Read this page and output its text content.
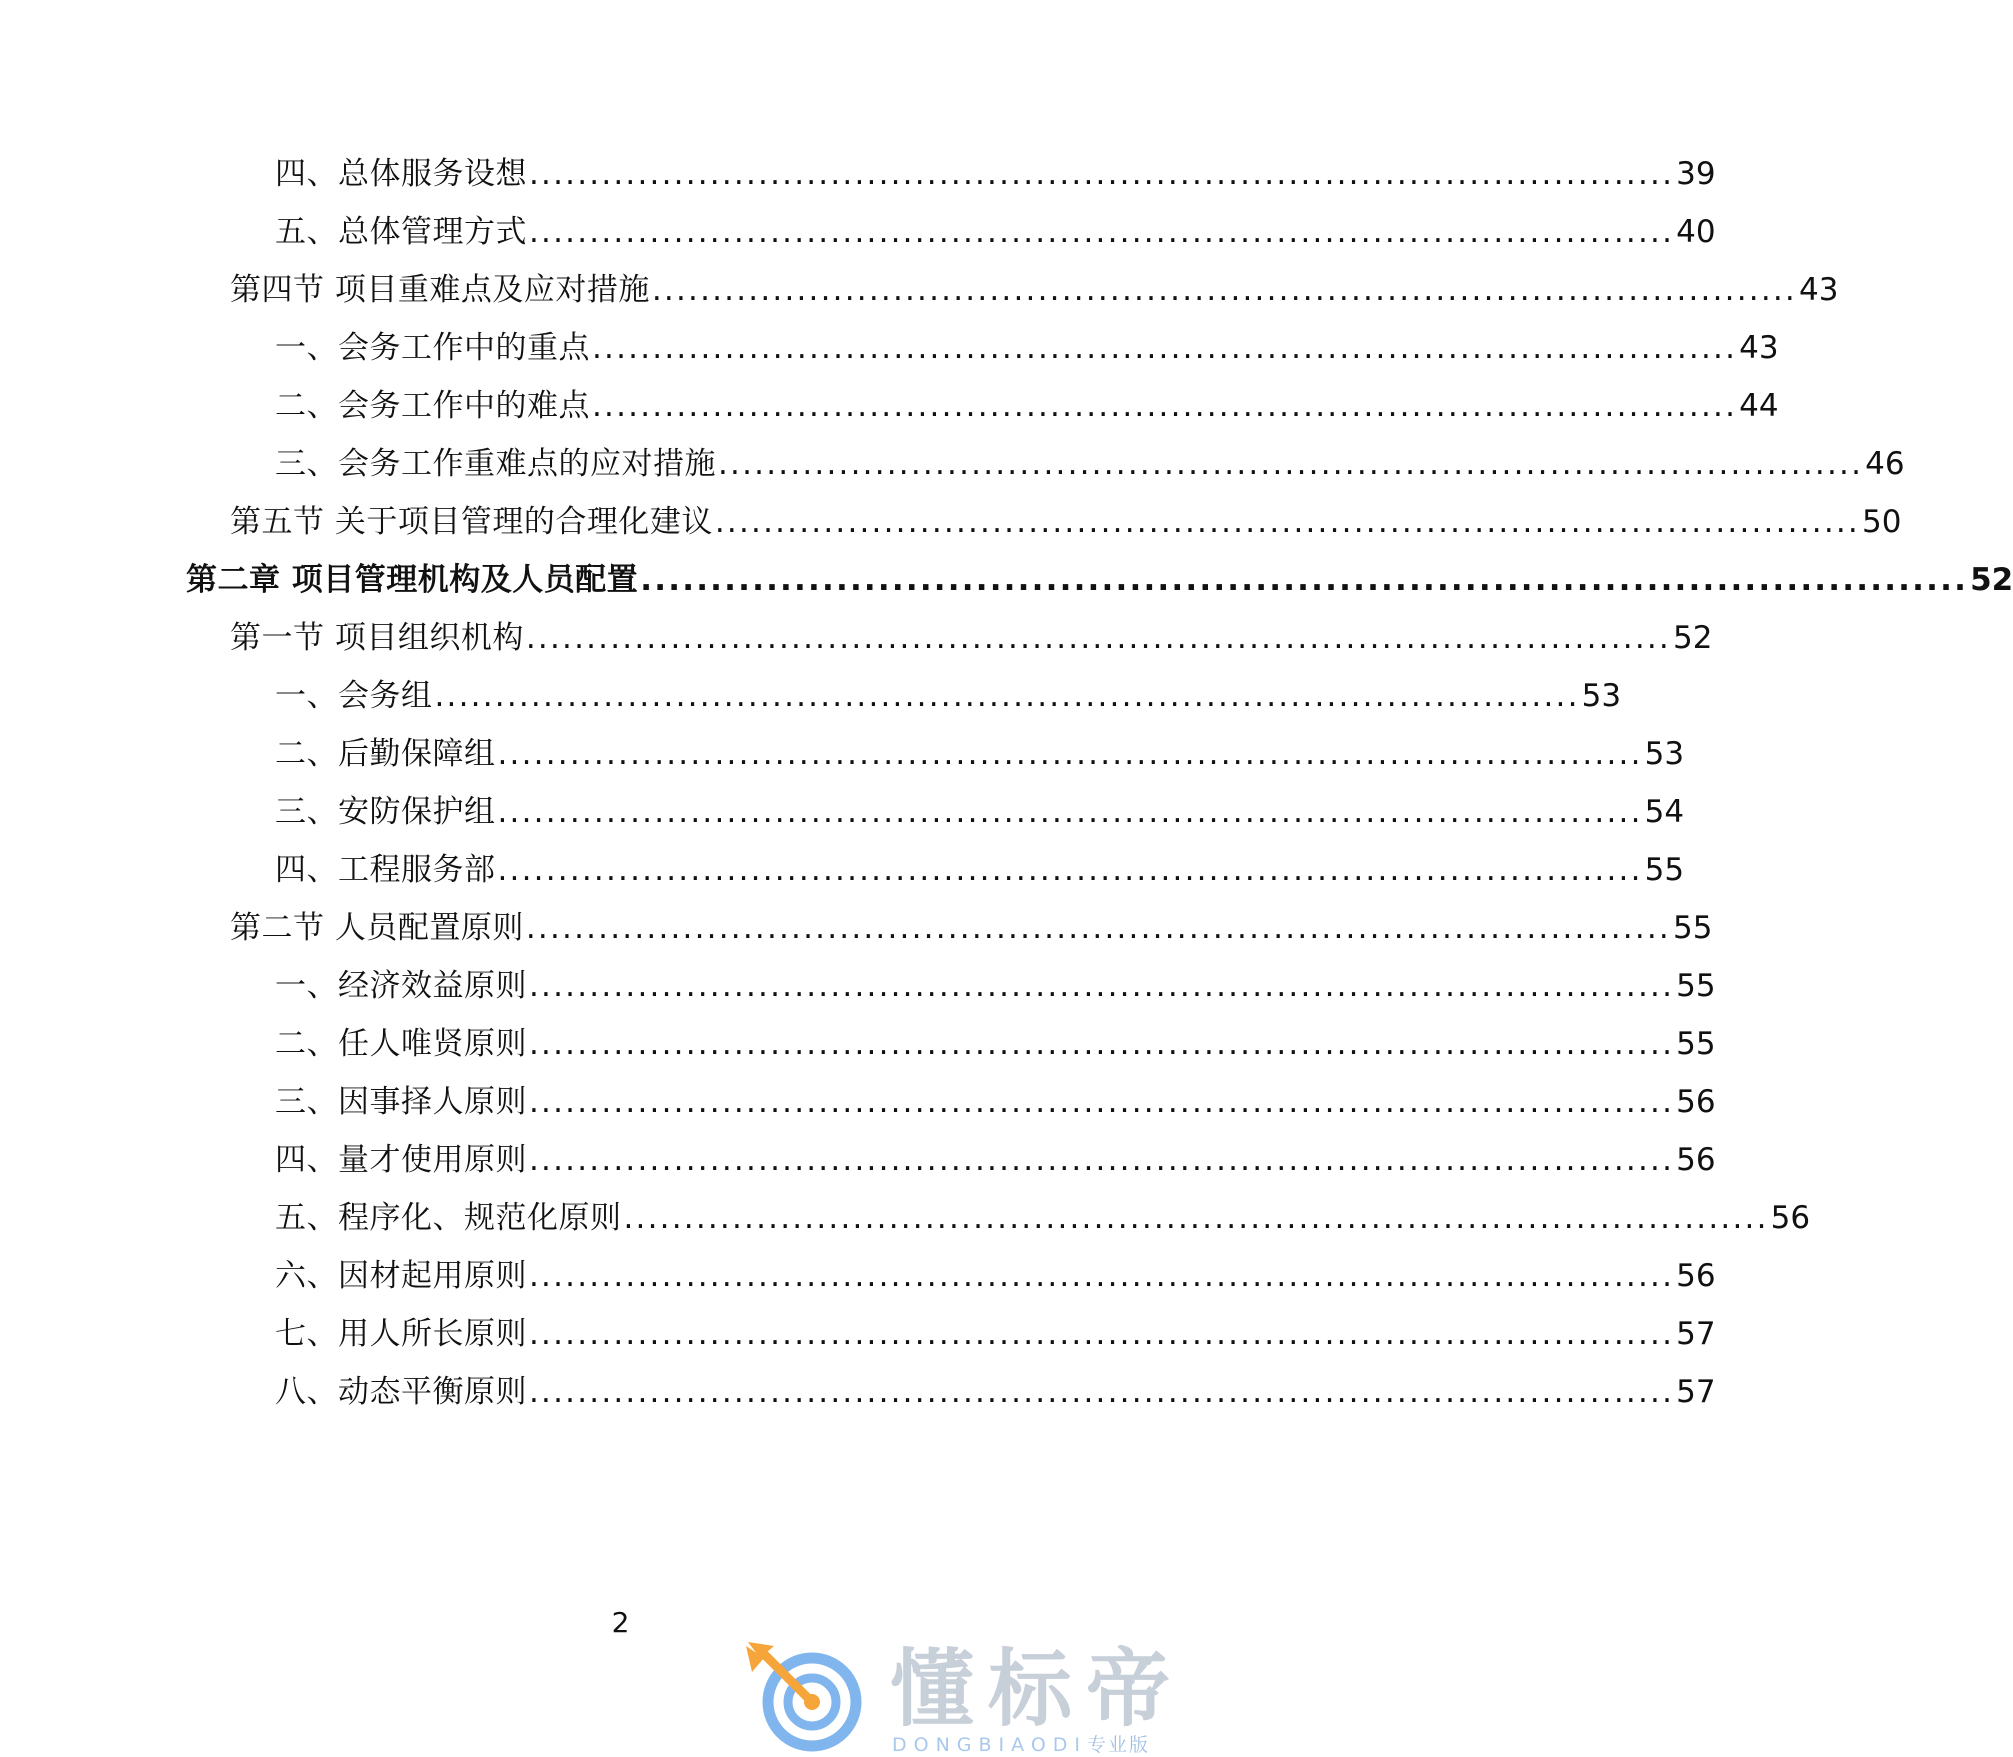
四、总体服务设想 ............................................................................................... 39
五、总体管理方式 ............................................................................................... 40
第四节 项目重难点及应对措施 ............................................................................................... 43
一、会务工作中的重点 ............................................................................................... 43
二、会务工作中的难点 ............................................................................................... 44
三、会务工作重难点的应对措施 ............................................................................................... 46
第五节 关于项目管理的合理化建议 ............................................................................................... 50
第二章 项目管理机构及人员配置 ............................................................................................... 52
第一节 项目组织机构 ............................................................................................... 52
一、会务组 ............................................................................................... 53
二、后勤保障组 ............................................................................................... 53
三、安防保护组 ............................................................................................... 54
四、工程服务部 ............................................................................................... 55
第二节 人员配置原则 ............................................................................................... 55
一、经济效益原则 ............................................................................................... 55
二、任人唯贤原则 ............................................................................................... 55
三、因事择人原则 ............................................................................................... 56
四、量才使用原则 ............................................................................................... 56
五、程序化、规范化原则 ............................................................................................... 56
六、因材起用原则 ............................................................................................... 56
七、用人所长原则 ............................................................................................... 57
八、动态平衡原则 ............................................................................................... 57
2
懂标帝
DONGBIAODI专业版
